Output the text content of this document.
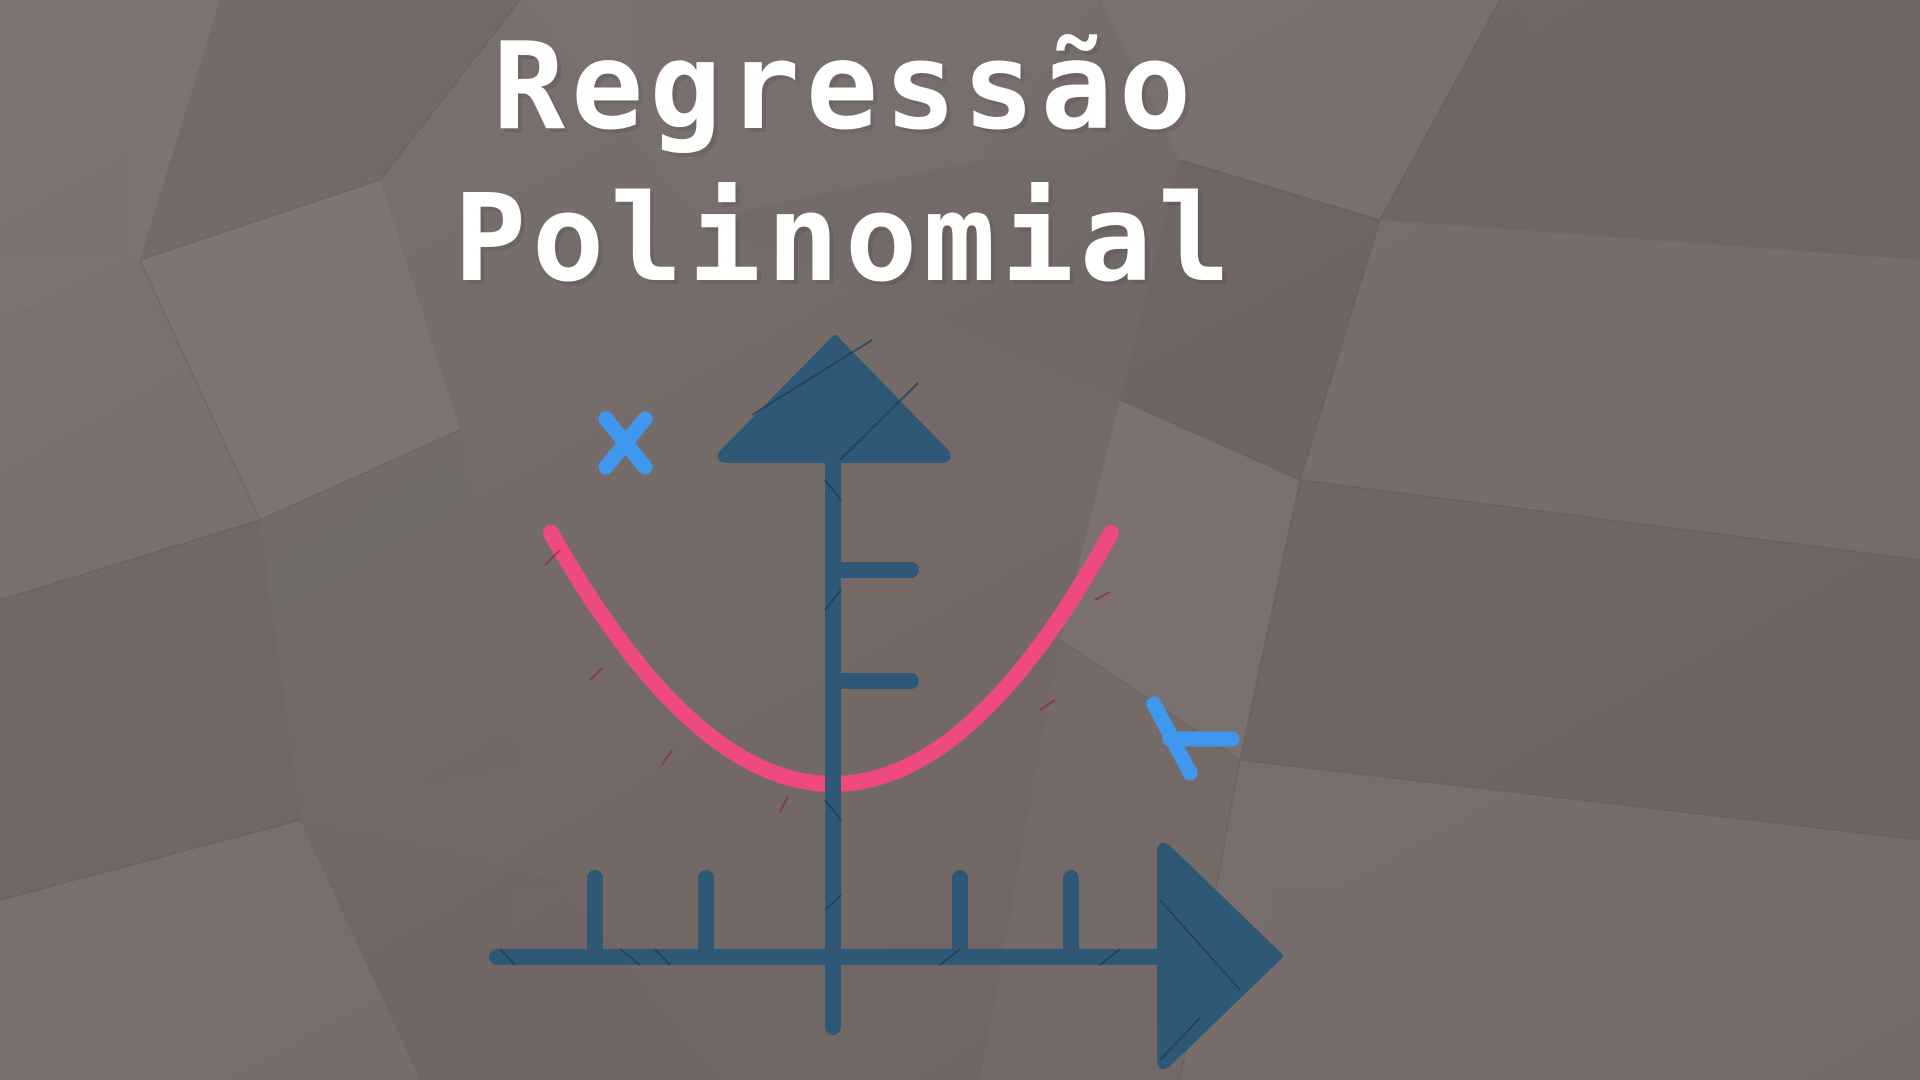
Regressão
Polinomial
